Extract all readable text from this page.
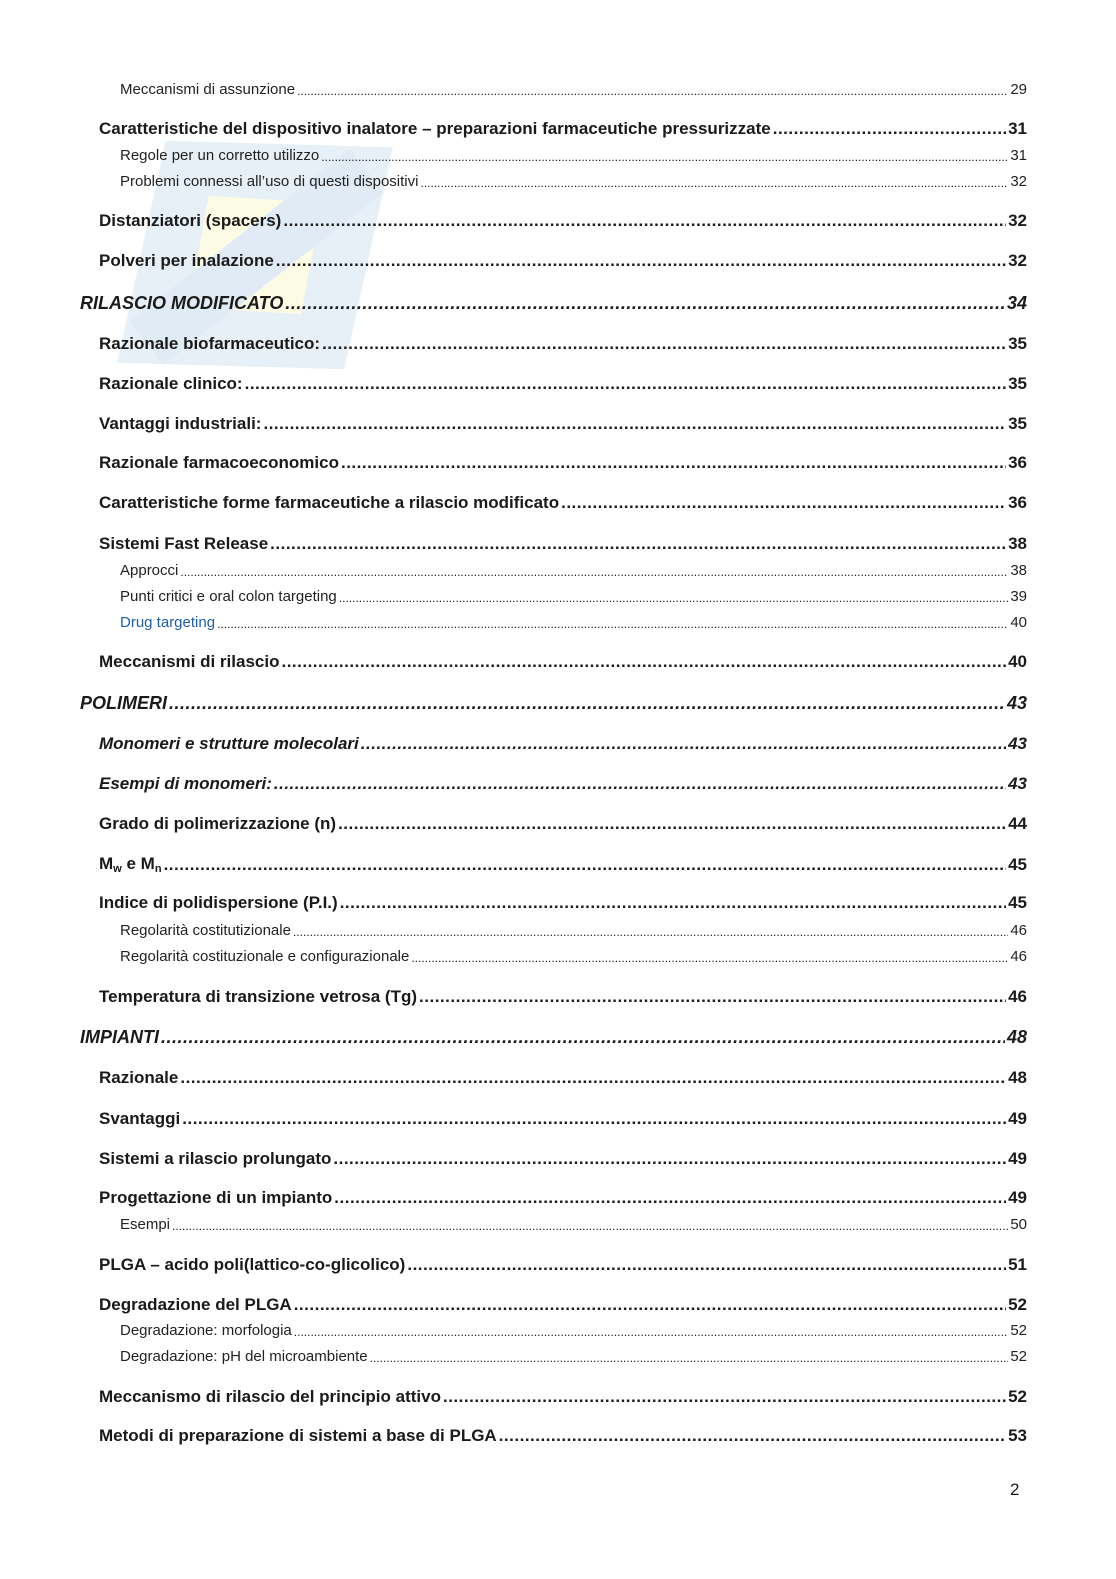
Meccanismi di assunzione .....	29
Caratteristiche del dispositivo inalatore – preparazioni farmaceutiche pressurizzate .....	31
Regole per un corretto utilizzo .....	31
Problemi connessi all’uso di questi dispositivi .....	32
Distanziatori (spacers) .....	32
Polveri per inalazione .....	32
RILASCIO MODIFICATO .....	34
Razionale biofarmaceutico: .....	35
Razionale clinico: .....	35
Vantaggi industriali: .....	35
Razionale farmacoeconomico .....	36
Caratteristiche forme farmaceutiche a rilascio modificato .....	36
Sistemi Fast Release .....	38
Approcci .....	38
Punti critici e oral colon targeting .....	39
Drug targeting .....	40
Meccanismi di rilascio .....	40
POLIMERI .....	43
Monomeri e strutture molecolari .....	43
Esempi di monomeri: .....	43
Grado di polimerizzazione (n) .....	44
$M_w$ e $M_n$ .....	45
Indice di polidispersione (P.I.) .....	45
Regolarità costitutizionale .....	46
Regolarità costituzionale e configurazionale .....	46
Temperatura di transizione vetrosa (Tg) .....	46
IMPIANTI .....	48
Razionale .....	48
Svantaggi .....	49
Sistemi a rilascio prolungato .....	49
Progettazione di un impianto .....	49
Esempi .....	50
PLGA – acido poli(lattico-co-glicolico) .....	51
Degradazione del PLGA .....	52
Degradazione: morfologia .....	52
Degradazione: pH del microambiente .....	52
Meccanismo di rilascio del principio attivo .....	52
Metodi di preparazione di sistemi a base di PLGA .....	53
2
